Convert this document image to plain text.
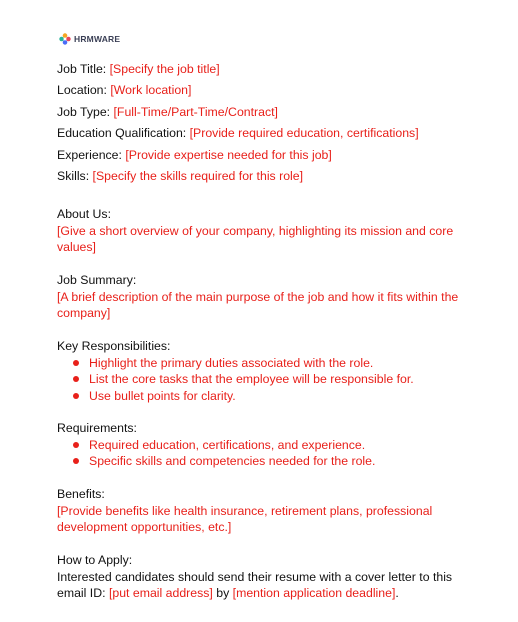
HRMWARE
Job Title: [Specify the job title]
Location: [Work location]
Job Type: [Full-Time/Part-Time/Contract]
Education Qualification: [Provide required education, certifications]
Experience: [Provide expertise needed for this job]
Skills: [Specify the skills required for this role]
About Us:
[Give a short overview of your company, highlighting its mission and core values]
Job Summary:
[A brief description of the main purpose of the job and how it fits within the company]
Key Responsibilities:
Highlight the primary duties associated with the role.
List the core tasks that the employee will be responsible for.
Use bullet points for clarity.
Requirements:
Required education, certifications, and experience.
Specific skills and competencies needed for the role.
Benefits:
[Provide benefits like health insurance, retirement plans, professional development opportunities, etc.]
How to Apply:
Interested candidates should send their resume with a cover letter to this email ID: [put email address] by [mention application deadline].
